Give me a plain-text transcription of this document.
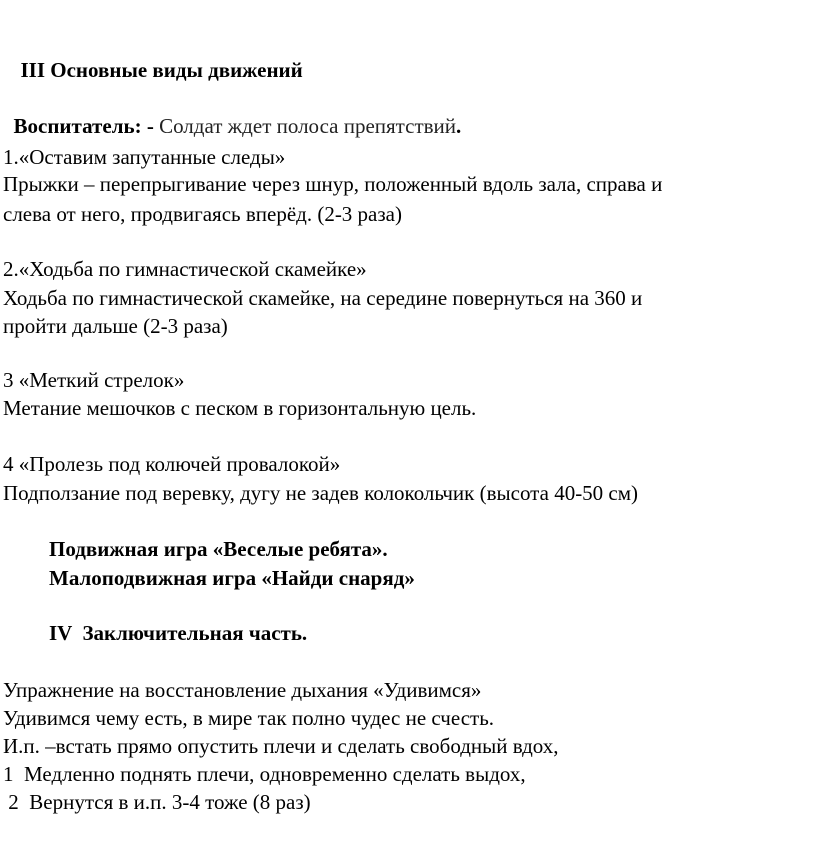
III Основные виды движений

Воспитатель: - Солдат ждет полоса препятствий.

1.«Оставим запутанные следы»
Прыжки – перепрыгивание через шнур, положенный вдоль зала, справа и
слева от него, продвигаясь вперёд. (2-3 раза)
2.«Ходьба по гимнастической скамейке»
Ходьба по гимнастической скамейке, на середине повернуться на 360 и
пройти дальше (2-3 раза)
3 «Меткий стрелок»
Метание мешочков с песком в горизонтальную цель.
4 «Пролезь под колючей провалокой»
Подползание под веревку, дугу не задев колокольчик (высота 40-50 см)
Подвижная игра «Веселые ребята».
Малоподвижная игра «Найди снаряд»
IV  Заключительная часть.
Упражнение на восстановление дыхания «Удивимся»
Удивимся чему есть, в мире так полно чудес не счесть.
И.п. –встать прямо опустить плечи и сделать свободный вдох,
1  Медленно поднять плечи, одновременно сделать выдох,
2  Вернутся в и.п. 3-4 тоже (8 раз)
